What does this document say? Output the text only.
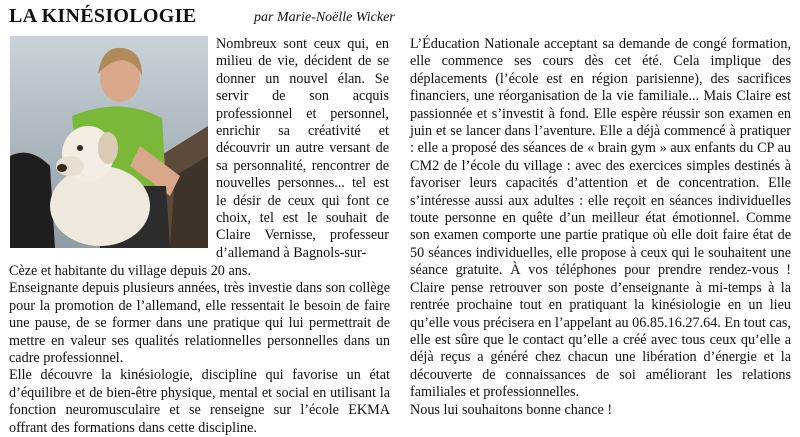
LA KINÉSIOLOGIE	par Marie-Noëlle Wicker

Nombreux sont ceux qui, en milieu de vie, décident de se donner un nouvel élan. Se servir de son acquis professionnel et personnel, enrichir sa créativité et découvrir un autre versant de sa personnalité, rencontrer de nouvelles personnes... tel est le désir de ceux qui font ce choix, tel est le souhait de Claire Vernisse, professeur d’allemand à Bagnols-sur-

Cèze et habitante du village depuis 20 ans.

Enseignante depuis plusieurs années, très investie dans son collège pour la promotion de l’allemand, elle ressentait le besoin de faire une pause, de se former dans une pratique qui lui permettrait de mettre en valeur ses qualités relationnelles personnelles dans un cadre professionnel.

Elle découvre la kinésiologie, discipline qui favorise un état d’équilibre et de bien-être physique, mental et social en utilisant la fonction neuromusculaire et se renseigne sur l’école EKMA offrant des formations dans cette discipline.

L’Éducation Nationale acceptant sa demande de congé formation, elle commence ses cours dès cet été. Cela implique des déplacements (l’école est en région parisienne), des sacrifices financiers, une réorganisation de la vie familiale... Mais Claire est passionnée et s’investit à fond. Elle espère réussir son examen en juin et se lancer dans l’aventure. Elle a déjà commencé à pratiquer : elle a proposé des séances de « brain gym » aux enfants du CP au CM2 de l’école du village : avec des exercices simples destinés à favoriser leurs capacités d’attention et de concentration. Elle s’intéresse aussi aux adultes : elle reçoit en séances individuelles toute personne en quête d’un meilleur état émotionnel. Comme son examen comporte une partie pratique où elle doit faire état de 50 séances individuelles, elle propose à ceux qui le souhaitent une séance gratuite. À vos téléphones pour prendre rendez-vous ! Claire pense retrouver son poste d’enseignante à mi-temps à la rentrée prochaine tout en pratiquant la kinésiologie en un lieu qu’elle vous précisera en l’appelant au 06.85.16.27.64. En tout cas, elle est sûre que le contact qu’elle a créé avec tous ceux qu’elle a déjà reçus a généré chez chacun une libération d’énergie et la découverte de connaissances de soi améliorant les relations familiales et professionnelles.

Nous lui souhaitons bonne chance !
